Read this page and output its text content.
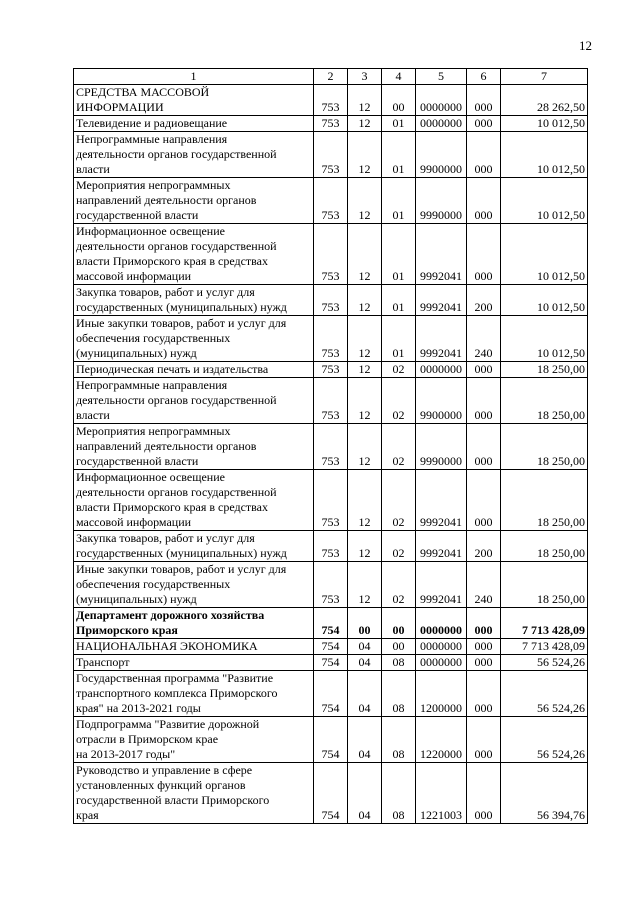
12
1	2	3	4	5	6	7
СРЕДСТВА МАССОВОЙ
ИНФОРМАЦИИ	753	12	00	0000000	000	28 262,50
Телевидение и радиовещание	753	12	01	0000000	000	10 012,50
Непрограммные направления
деятельности органов государственной
власти	753	12	01	9900000	000	10 012,50
Мероприятия непрограммных
направлений деятельности органов
государственной власти	753	12	01	9990000	000	10 012,50
Информационное освещение
деятельности органов государственной
власти Приморского края в средствах
массовой информации	753	12	01	9992041	000	10 012,50
Закупка товаров, работ и услуг для
государственных (муниципальных) нужд	753	12	01	9992041	200	10 012,50
Иные закупки товаров, работ и услуг для
обеспечения государственных
(муниципальных) нужд	753	12	01	9992041	240	10 012,50
Периодическая печать и издательства	753	12	02	0000000	000	18 250,00
Непрограммные направления
деятельности органов государственной
власти	753	12	02	9900000	000	18 250,00
Мероприятия непрограммных
направлений деятельности органов
государственной власти	753	12	02	9990000	000	18 250,00
Информационное освещение
деятельности органов государственной
власти Приморского края в средствах
массовой информации	753	12	02	9992041	000	18 250,00
Закупка товаров, работ и услуг для
государственных (муниципальных) нужд	753	12	02	9992041	200	18 250,00
Иные закупки товаров, работ и услуг для
обеспечения государственных
(муниципальных) нужд	753	12	02	9992041	240	18 250,00
Департамент дорожного хозяйства
Приморского края	754	00	00	0000000	000	7 713 428,09
НАЦИОНАЛЬНАЯ ЭКОНОМИКА	754	04	00	0000000	000	7 713 428,09
Транспорт	754	04	08	0000000	000	56 524,26
Государственная программа "Развитие
транспортного комплекса Приморского
края" на 2013-2021 годы	754	04	08	1200000	000	56 524,26
Подпрограмма "Развитие дорожной
отрасли в Приморском крае
на 2013-2017 годы"	754	04	08	1220000	000	56 524,26
Руководство и управление в сфере
установленных функций органов
государственной власти Приморского
края	754	04	08	1221003	000	56 394,76
